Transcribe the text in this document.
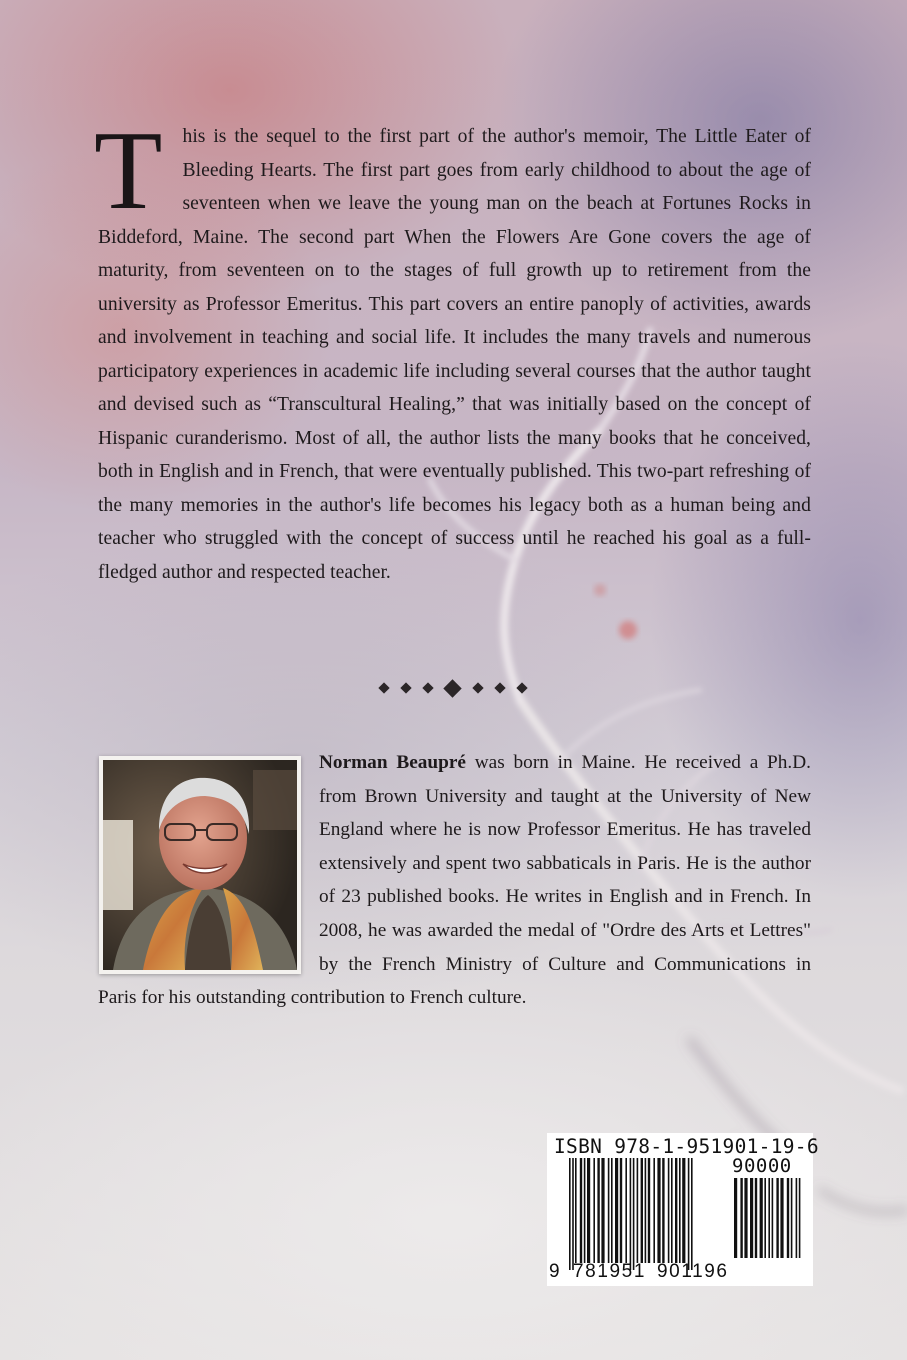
T his is the sequel to the first part of the author's memoir, The Little Eater of Bleeding Hearts. The first part goes from early childhood to about the age of seventeen when we leave the young man on the beach at Fortunes Rocks in Biddeford, Maine. The second part When the Flowers Are Gone covers the age of maturity, from seventeen on to the stages of full growth up to retirement from the university as Professor Emeritus. This part covers an entire panoply of activities, awards and involvement in teaching and social life. It includes the many travels and numerous participatory experiences in academic life including several courses that the author taught and devised such as “Transcultural Healing,” that was initially based on the concept of Hispanic curanderismo. Most of all, the author lists the many books that he conceived, both in English and in French, that were eventually published. This two-part refreshing of the many memories in the author's life becomes his legacy both as a human being and teacher who struggled with the concept of success until he reached his goal as a full-fledged author and respected teacher.
Norman Beaupré was born in Maine. He received a Ph.D. from Brown University and taught at the University of New England where he is now Professor Emeritus. He has traveled extensively and spent two sabbaticals in Paris. He is the author of 23 published books. He writes in English and in French. In 2008, he was awarded the medal of "Ordre des Arts et Lettres" by the French Ministry of Culture and Communications in Paris for his outstanding contribution to French culture.
ISBN 978-1-951901-19-6
90000
9 781951 901196
